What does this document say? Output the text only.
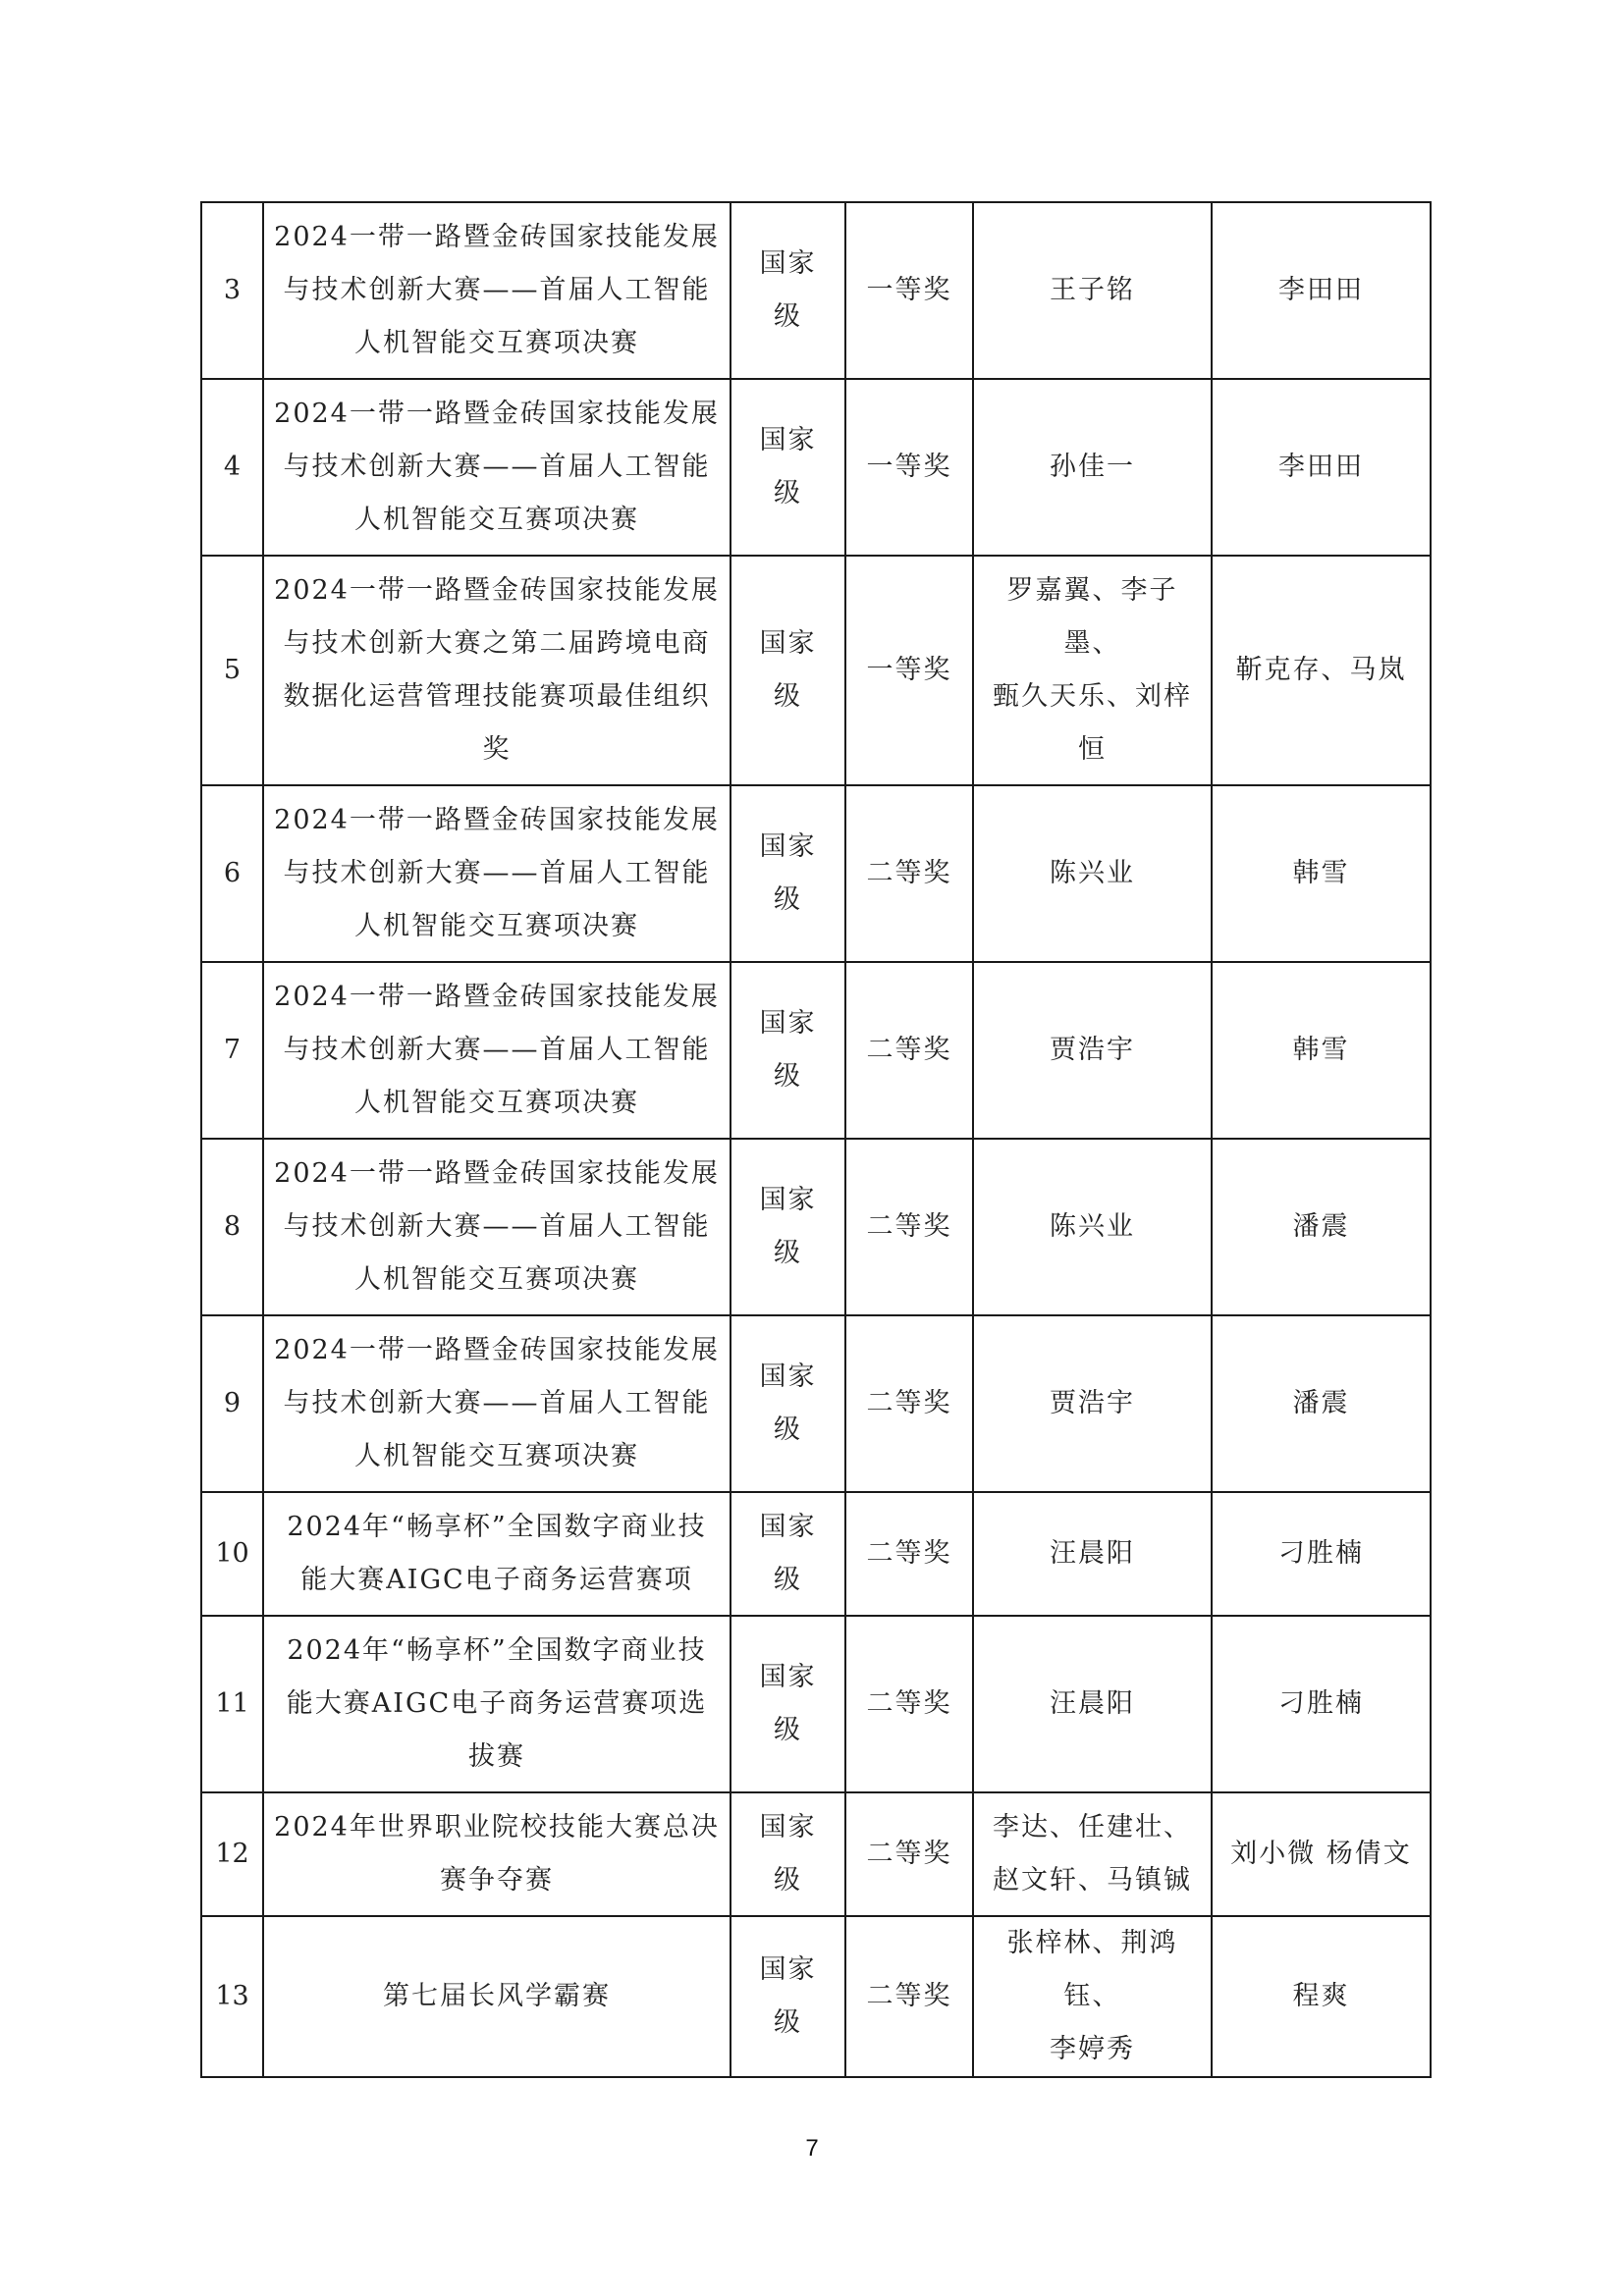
3	2024一带一路暨金砖国家技能发展
与技术创新大赛——首届人工智能
人机智能交互赛项决赛	国家
级	一等奖	王子铭	李田田
4	2024一带一路暨金砖国家技能发展
与技术创新大赛——首届人工智能
人机智能交互赛项决赛	国家
级	一等奖	孙佳一	李田田
5	2024一带一路暨金砖国家技能发展
与技术创新大赛之第二届跨境电商
数据化运营管理技能赛项最佳组织
奖	国家
级	一等奖	罗嘉翼、李子墨、
甄久天乐、刘梓
恒	靳克存、马岚
6	2024一带一路暨金砖国家技能发展
与技术创新大赛——首届人工智能
人机智能交互赛项决赛	国家
级	二等奖	陈兴业	韩雪
7	2024一带一路暨金砖国家技能发展
与技术创新大赛——首届人工智能
人机智能交互赛项决赛	国家
级	二等奖	贾浩宇	韩雪
8	2024一带一路暨金砖国家技能发展
与技术创新大赛——首届人工智能
人机智能交互赛项决赛	国家
级	二等奖	陈兴业	潘震
9	2024一带一路暨金砖国家技能发展
与技术创新大赛——首届人工智能
人机智能交互赛项决赛	国家
级	二等奖	贾浩宇	潘震
10	2024年“畅享杯”全国数字商业技
能大赛AIGC电子商务运营赛项	国家
级	二等奖	汪晨阳	刁胜楠
11	2024年“畅享杯”全国数字商业技
能大赛AIGC电子商务运营赛项选
拔赛	国家
级	二等奖	汪晨阳	刁胜楠
12	2024年世界职业院校技能大赛总决
赛争夺赛	国家
级	二等奖	李达、任建壮、
赵文轩、马镇铖	刘小微 杨倩文
13	第七届长风学霸赛	国家
级	二等奖	张梓林、荆鸿钰、
李婷秀	程爽
7
